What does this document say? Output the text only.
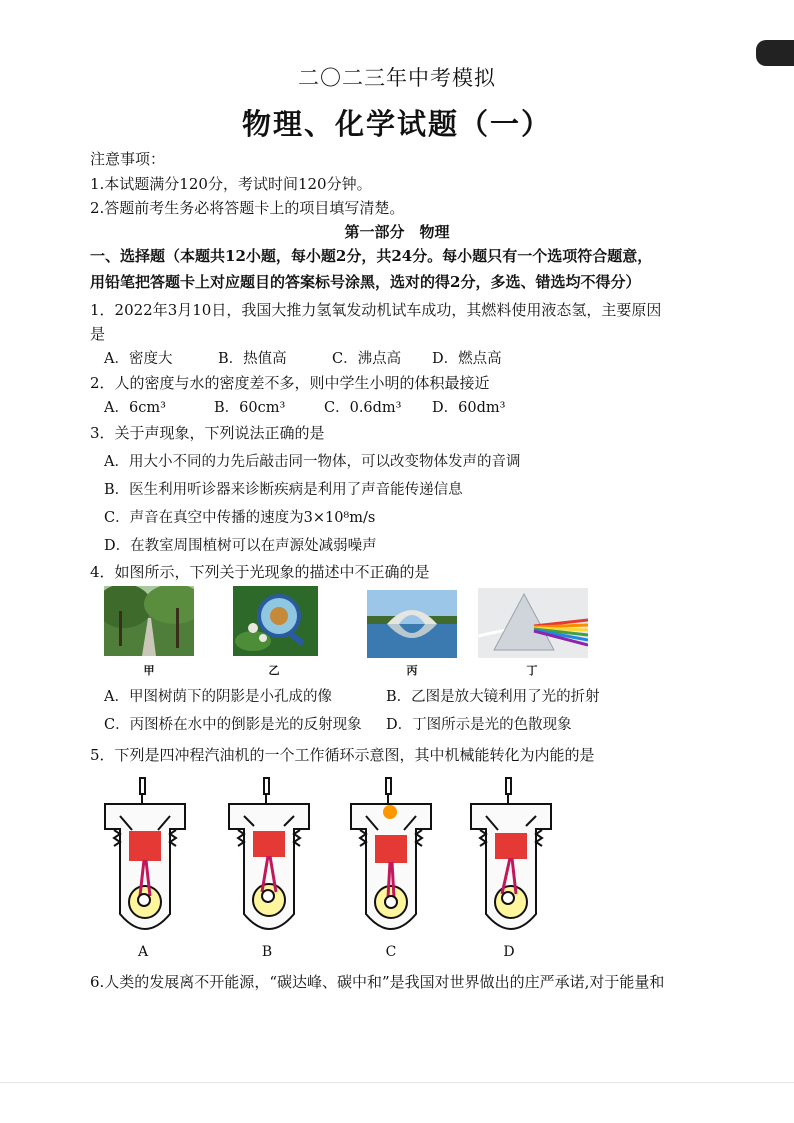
二〇二三年中考模拟
物理、化学试题（一）
注意事项：
1.本试题满分120分，考试时间120分钟。
2.答题前考生务必将答题卡上的项目填写清楚。
第一部分　物理
一、选择题（本题共12小题，每小题2分，共24分。每小题只有一个选项符合题意，
用铅笔把答题卡上对应题目的答案标号涂黑，选对的得2分，多选、错选均不得分）
1．2022年3月10日，我国大推力氢氧发动机试车成功，其燃料使用液态氢，主要原因
是
A．密度大	B．热值高	C．沸点高 D．燃点高
2．人的密度与水的密度差不多，则中学生小明的体积最接近
A．6cm³	B．60cm³	C．0.6dm³ D．60dm³
3．关于声现象，下列说法正确的是
A．用大小不同的力先后敲击同一物体，可以改变物体发声的音调
B．医生利用听诊器来诊断疾病是利用了声音能传递信息
C．声音在真空中传播的速度为3×10⁸m/s
D．在教室周围植树可以在声源处减弱噪声
4．如图所示，下列关于光现象的描述中不正确的是
甲	乙	丙	丁
A．甲图树荫下的阴影是小孔成的像	B．乙图是放大镜利用了光的折射
C．丙图桥在水中的倒影是光的反射现象 D．丁图所示是光的色散现象
5．下列是四冲程汽油机的一个工作循环示意图，其中机械能转化为内能的是
A	B	C	D
6.人类的发展离不开能源，“碳达峰、碳中和”是我国对世界做出的庄严承诺,对于能量和
